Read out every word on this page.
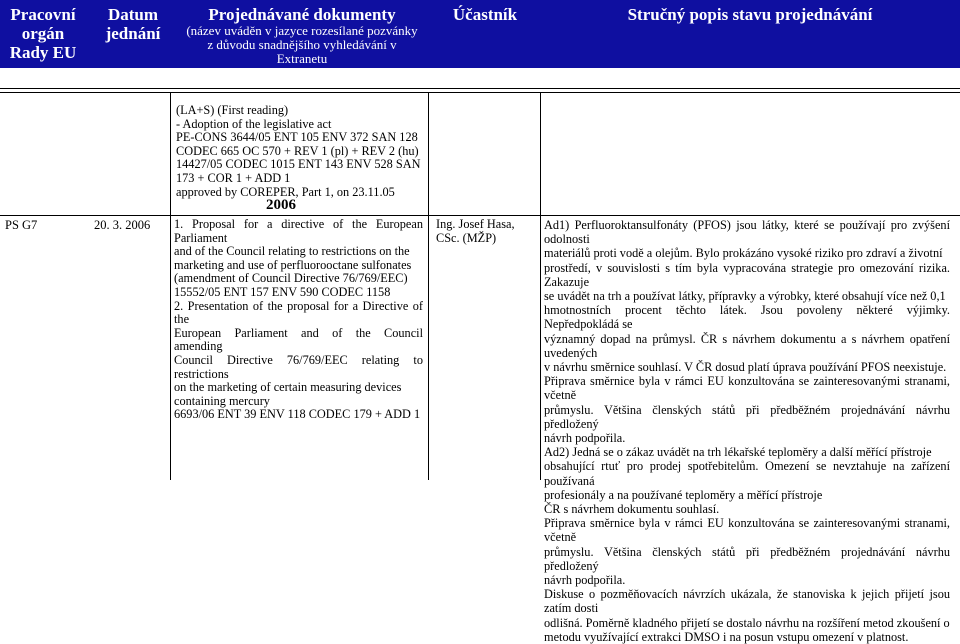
Pracovní
orgán
Rady EU
Datum
jednání
Projednávané dokumenty
(název uváděn v jazyce rozesílané pozvánky
z důvodu snadnějšího vyhledávání v Extranetu
apod.)
Účastník	Stručný popis stavu projednávání
(LA+S) (First reading)
- Adoption of the legislative act
PE-CONS 3644/05 ENT 105 ENV 372 SAN 128
CODEC 665 OC 570 + REV 1 (pl) + REV 2 (hu)
14427/05 CODEC 1015 ENT 143 ENV 528 SAN
173 + COR 1 + ADD 1
approved by COREPER, Part 1, on 23.11.05
2006
PS G7	20. 3. 2006 1. Proposal for a directive of the European Parliament
and of the Council relating to restrictions on the
marketing and use of perfluorooctane sulfonates
(amendment of Council Directive 76/769/EEC)
15552/05 ENT 157 ENV 590 CODEC 1158
2. Presentation of the proposal for a Directive of the
European Parliament and of the Council amending
Council Directive 76/769/EEC relating to restrictions
on the marketing of certain measuring devices
containing mercury
6693/06 ENT 39 ENV 118 CODEC 179 + ADD 1
Ing. Josef Hasa,
CSc. (MŽP)
Ad1) Perfluoroktansulfonáty (PFOS) jsou látky, které se používají pro zvýšení odolnosti
materiálů proti vodě a olejům. Bylo prokázáno vysoké riziko pro zdraví a životní
prostředí, v souvislosti s tím byla vypracována strategie pro omezování rizika. Zakazuje
se uvádět na trh a používat látky, přípravky a výrobky, které obsahují více než 0,1
hmotnostních procent těchto látek. Jsou povoleny některé výjimky. Nepředpokládá se
významný dopad na průmysl. ČR s návrhem dokumentu a s návrhem opatření uvedených
v návrhu směrnice souhlasí. V ČR dosud platí úprava používání PFOS neexistuje.
Připrava směrnice byla v rámci EU konzultována se zainteresovanými stranami, včetně
průmyslu. Většina členských států při předběžném projednávání návrhu předložený
návrh podpořila.
Ad2) Jedná se o zákaz uvádět na trh lékařské teploměry a další měřící přístroje
obsahující rtuť pro prodej spotřebitelům. Omezení se nevztahuje na zařízení používaná
profesionály a na používané teploměry a měřící přístroje
ČR s návrhem dokumentu souhlasí.
Připrava směrnice byla v rámci EU konzultována se zainteresovanými stranami, včetně
průmyslu. Většina členských států při předběžném projednávání návrhu předložený
návrh podpořila.
Diskuse o pozměňovacích návrzích ukázala, že stanoviska k jejich přijetí jsou zatím dosti
odlišná. Poměrně kladného přijetí se dostalo návrhu na rozšíření metod zkoušení o
metodu využívající extrakci DMSO i na posun vstupu omezení v platnost.
